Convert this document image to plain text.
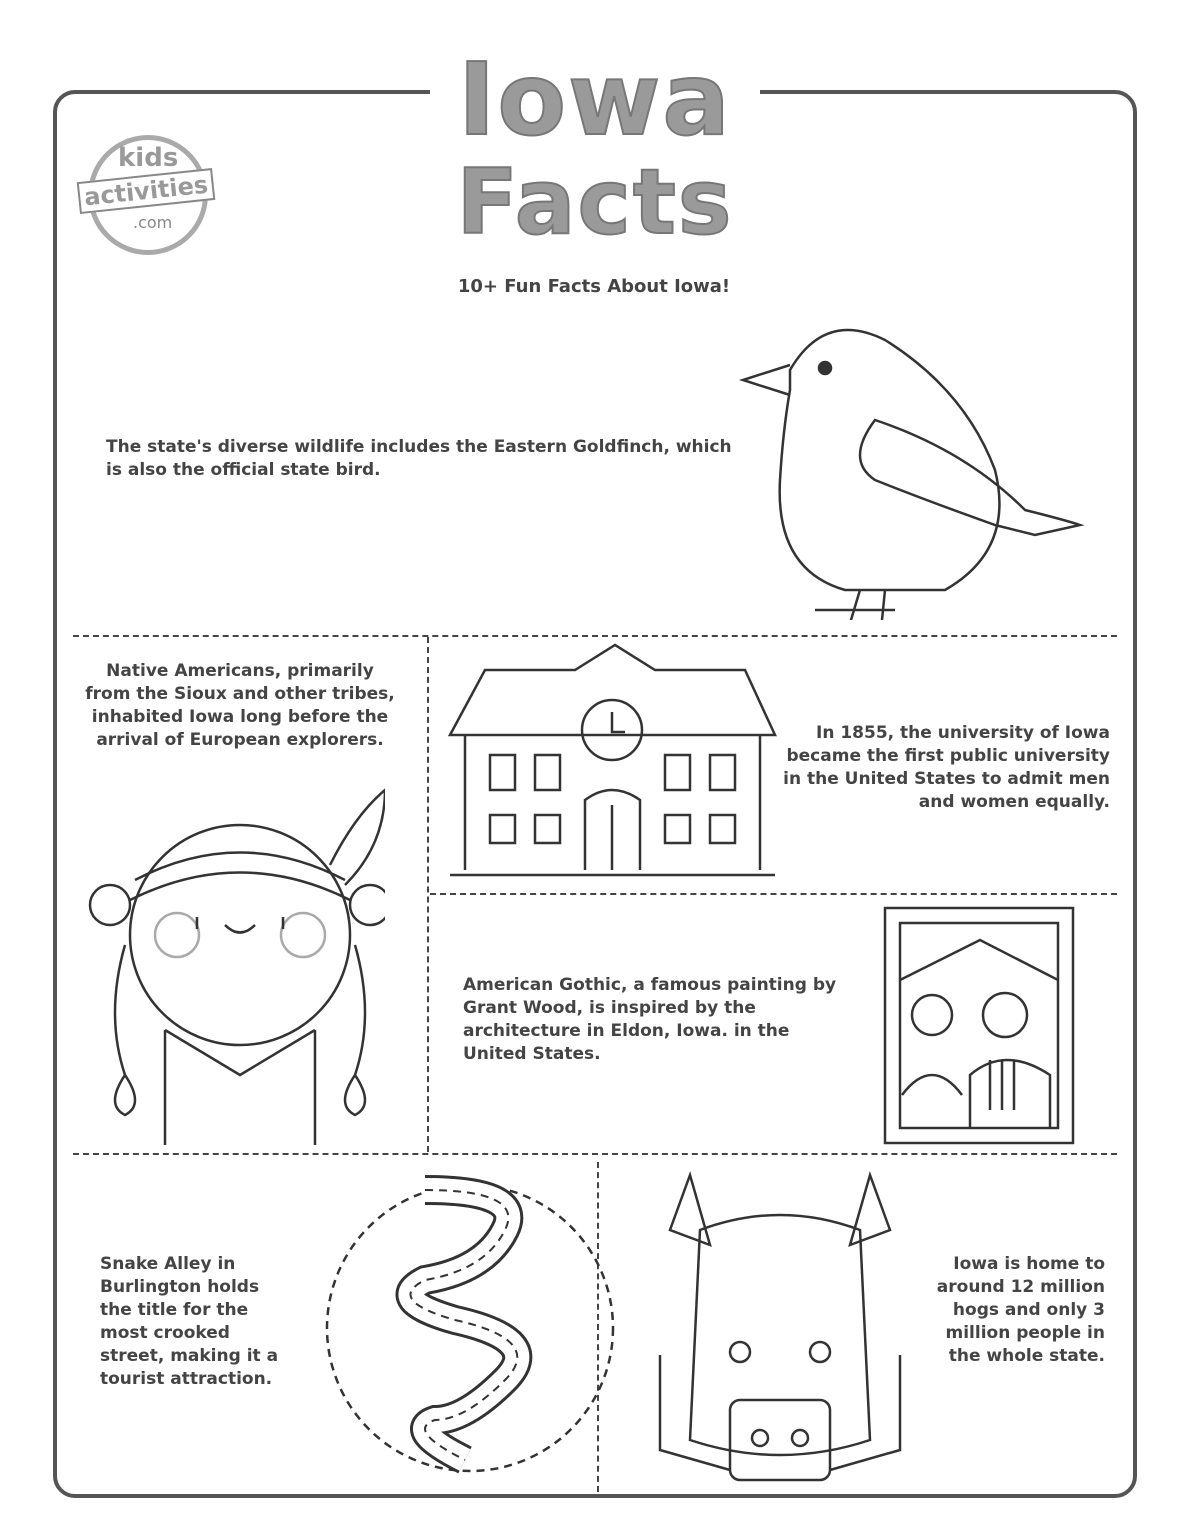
kids
activities
.com
Iowa
Facts
10+ Fun Facts About Iowa!
The state's diverse wildlife includes the Eastern Goldfinch, which is also the official state bird.
Native Americans, primarily from the Sioux and other tribes, inhabited Iowa long before the arrival of European explorers.	In 1855, the university of Iowa became the first public university in the United States to admit men and women equally.
American Gothic, a famous painting by Grant Wood, is inspired by the architecture in Eldon, Iowa. in the United States.
Snake Alley in Burlington holds the title for the most crooked street, making it a tourist attraction.
Iowa is home to around 12 million hogs and only 3 million people in the whole state.
